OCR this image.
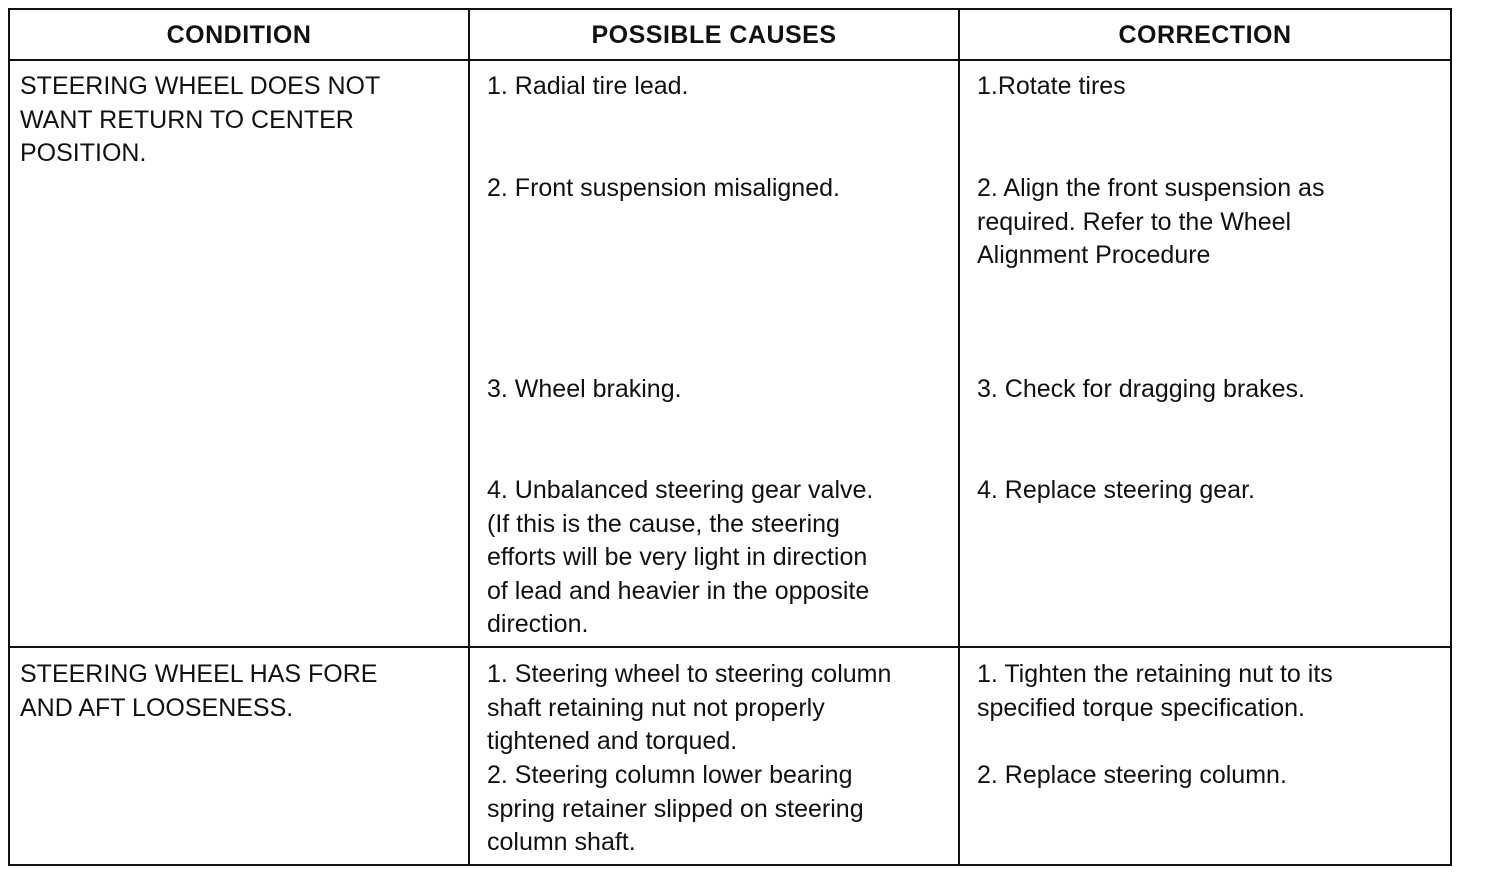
CONDITION	POSSIBLE CAUSES	CORRECTION
STEERING WHEEL DOES NOT
WANT RETURN TO CENTER
POSITION.
1. Radial tire lead.
2. Front suspension misaligned.
3. Wheel braking.
4. Unbalanced steering gear valve.
(If this is the cause, the steering
efforts will be very light in direction
of lead and heavier in the opposite
direction.
1.Rotate tires
2. Align the front suspension as
required. Refer to the Wheel
Alignment Procedure
3. Check for dragging brakes.
4. Replace steering gear.
STEERING WHEEL HAS FORE
AND AFT LOOSENESS.
1. Steering wheel to steering column
shaft retaining nut not properly
tightened and torqued.
2. Steering column lower bearing
spring retainer slipped on steering
column shaft.
1. Tighten the retaining nut to its
specified torque specification.
2. Replace steering column.
